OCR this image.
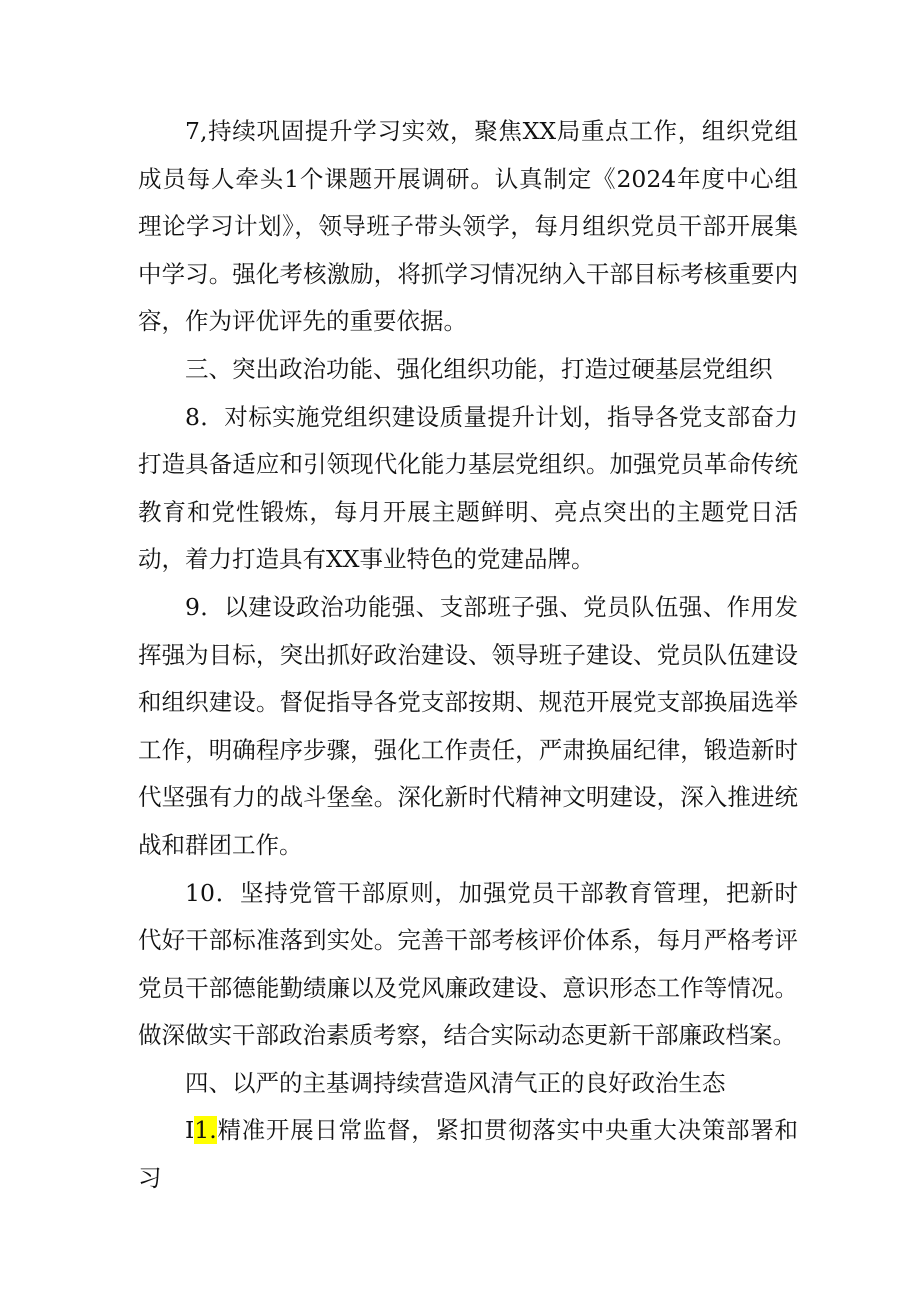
7,持续巩固提升学习实效，聚焦XX局重点工作，组织党组成员每人牵头1个课题开展调研。认真制定《2024年度中心组理论学习计划》，领导班子带头领学，每月组织党员干部开展集中学习。强化考核激励，将抓学习情况纳入干部目标考核重要内容，作为评优评先的重要依据。

三、突出政治功能、强化组织功能，打造过硬基层党组织

8．对标实施党组织建设质量提升计划，指导各党支部奋力打造具备适应和引领现代化能力基层党组织。加强党员革命传统教育和党性锻炼，每月开展主题鲜明、亮点突出的主题党日活动，着力打造具有XX事业特色的党建品牌。

9．以建设政治功能强、支部班子强、党员队伍强、作用发挥强为目标，突出抓好政治建设、领导班子建设、党员队伍建设和组织建设。督促指导各党支部按期、规范开展党支部换届选举工作，明确程序步骤，强化工作责任，严肃换届纪律，锻造新时代坚强有力的战斗堡垒。深化新时代精神文明建设，深入推进统战和群团工作。

10．坚持党管干部原则，加强党员干部教育管理，把新时代好干部标准落到实处。完善干部考核评价体系，每月严格考评党员干部德能勤绩廉以及党风廉政建设、意识形态工作等情况。做深做实干部政治素质考察，结合实际动态更新干部廉政档案。

四、以严的主基调持续营造风清气正的良好政治生态

I1.精准开展日常监督，紧扣贯彻落实中央重大决策部署和习
